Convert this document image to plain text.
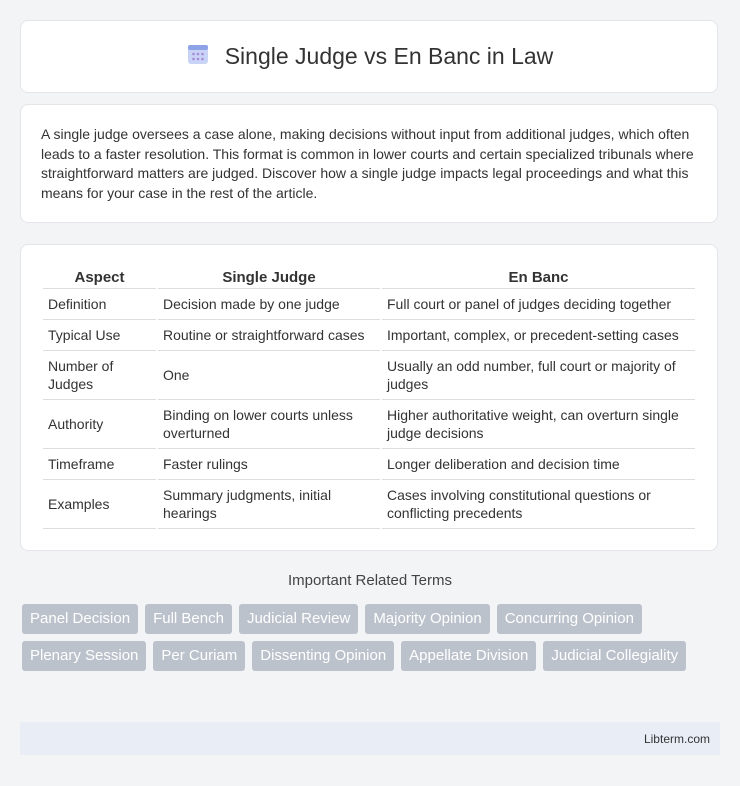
Single Judge vs En Banc in Law

A single judge oversees a case alone, making decisions without input from additional judges, which often leads to a faster resolution. This format is common in lower courts and certain specialized tribunals where straightforward matters are judged. Discover how a single judge impacts legal proceedings and what this means for your case in the rest of the article.

Aspect	Single Judge	En Banc
Definition	Decision made by one judge	Full court or panel of judges deciding together
Typical Use	Routine or straightforward cases	Important, complex, or precedent-setting cases
Number of Judges	One	Usually an odd number, full court or majority of judges
Authority	Binding on lower courts unless overturned	Higher authoritative weight, can overturn single judge decisions
Timeframe	Faster rulings	Longer deliberation and decision time
Examples	Summary judgments, initial hearings	Cases involving constitutional questions or conflicting precedents
Important Related Terms
Panel Decision	Full Bench	Judicial Review	Majority Opinion	Concurring Opinion
Plenary Session	Per Curiam	Dissenting Opinion	Appellate Division	Judicial Collegiality
Libterm.com
